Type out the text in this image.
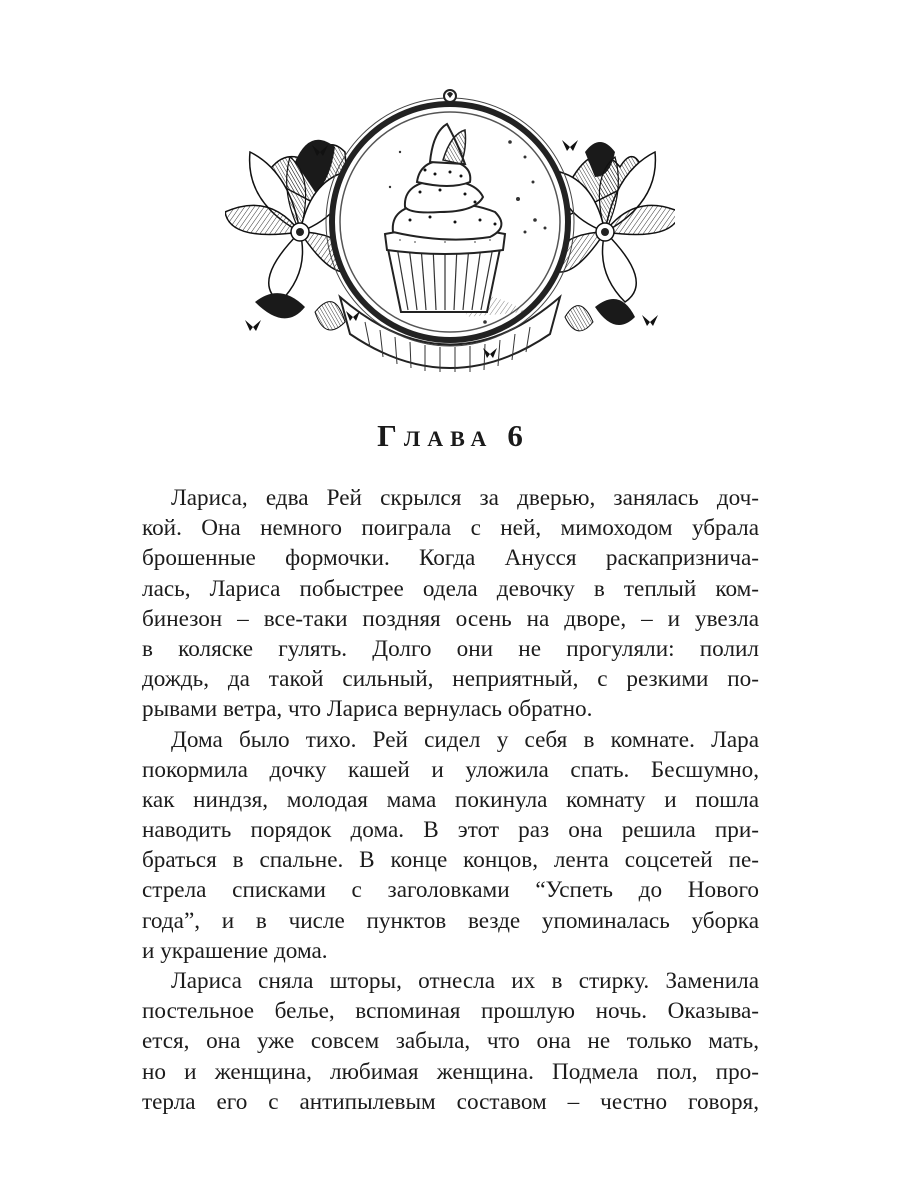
Глава 6
Лариса, едва Рей скрылся за дверью, занялась доч-
кой. Она немного поиграла с ней, мимоходом убрала
брошенные формочки. Когда Анусся раскапризнича-
лась, Лариса побыстрее одела девочку в теплый ком-
бинезон – все-таки поздняя осень на дворе, – и увезла
в коляске гулять. Долго они не прогуляли: полил
дождь, да такой сильный, неприятный, с резкими по-
рывами ветра, что Лариса вернулась обратно.
Дома было тихо. Рей сидел у себя в комнате. Лара
покормила дочку кашей и уложила спать. Бесшумно,
как ниндзя, молодая мама покинула комнату и пошла
наводить порядок дома. В этот раз она решила при-
браться в спальне. В конце концов, лента соцсетей пе-
стрела списками с заголовками “Успеть до Нового
года”, и в числе пунктов везде упоминалась уборка
и украшение дома.
Лариса сняла шторы, отнесла их в стирку. Заменила
постельное белье, вспоминая прошлую ночь. Оказыва-
ется, она уже совсем забыла, что она не только мать,
но и женщина, любимая женщина. Подмела пол, про-
терла его с антипылевым составом – честно говоря,
